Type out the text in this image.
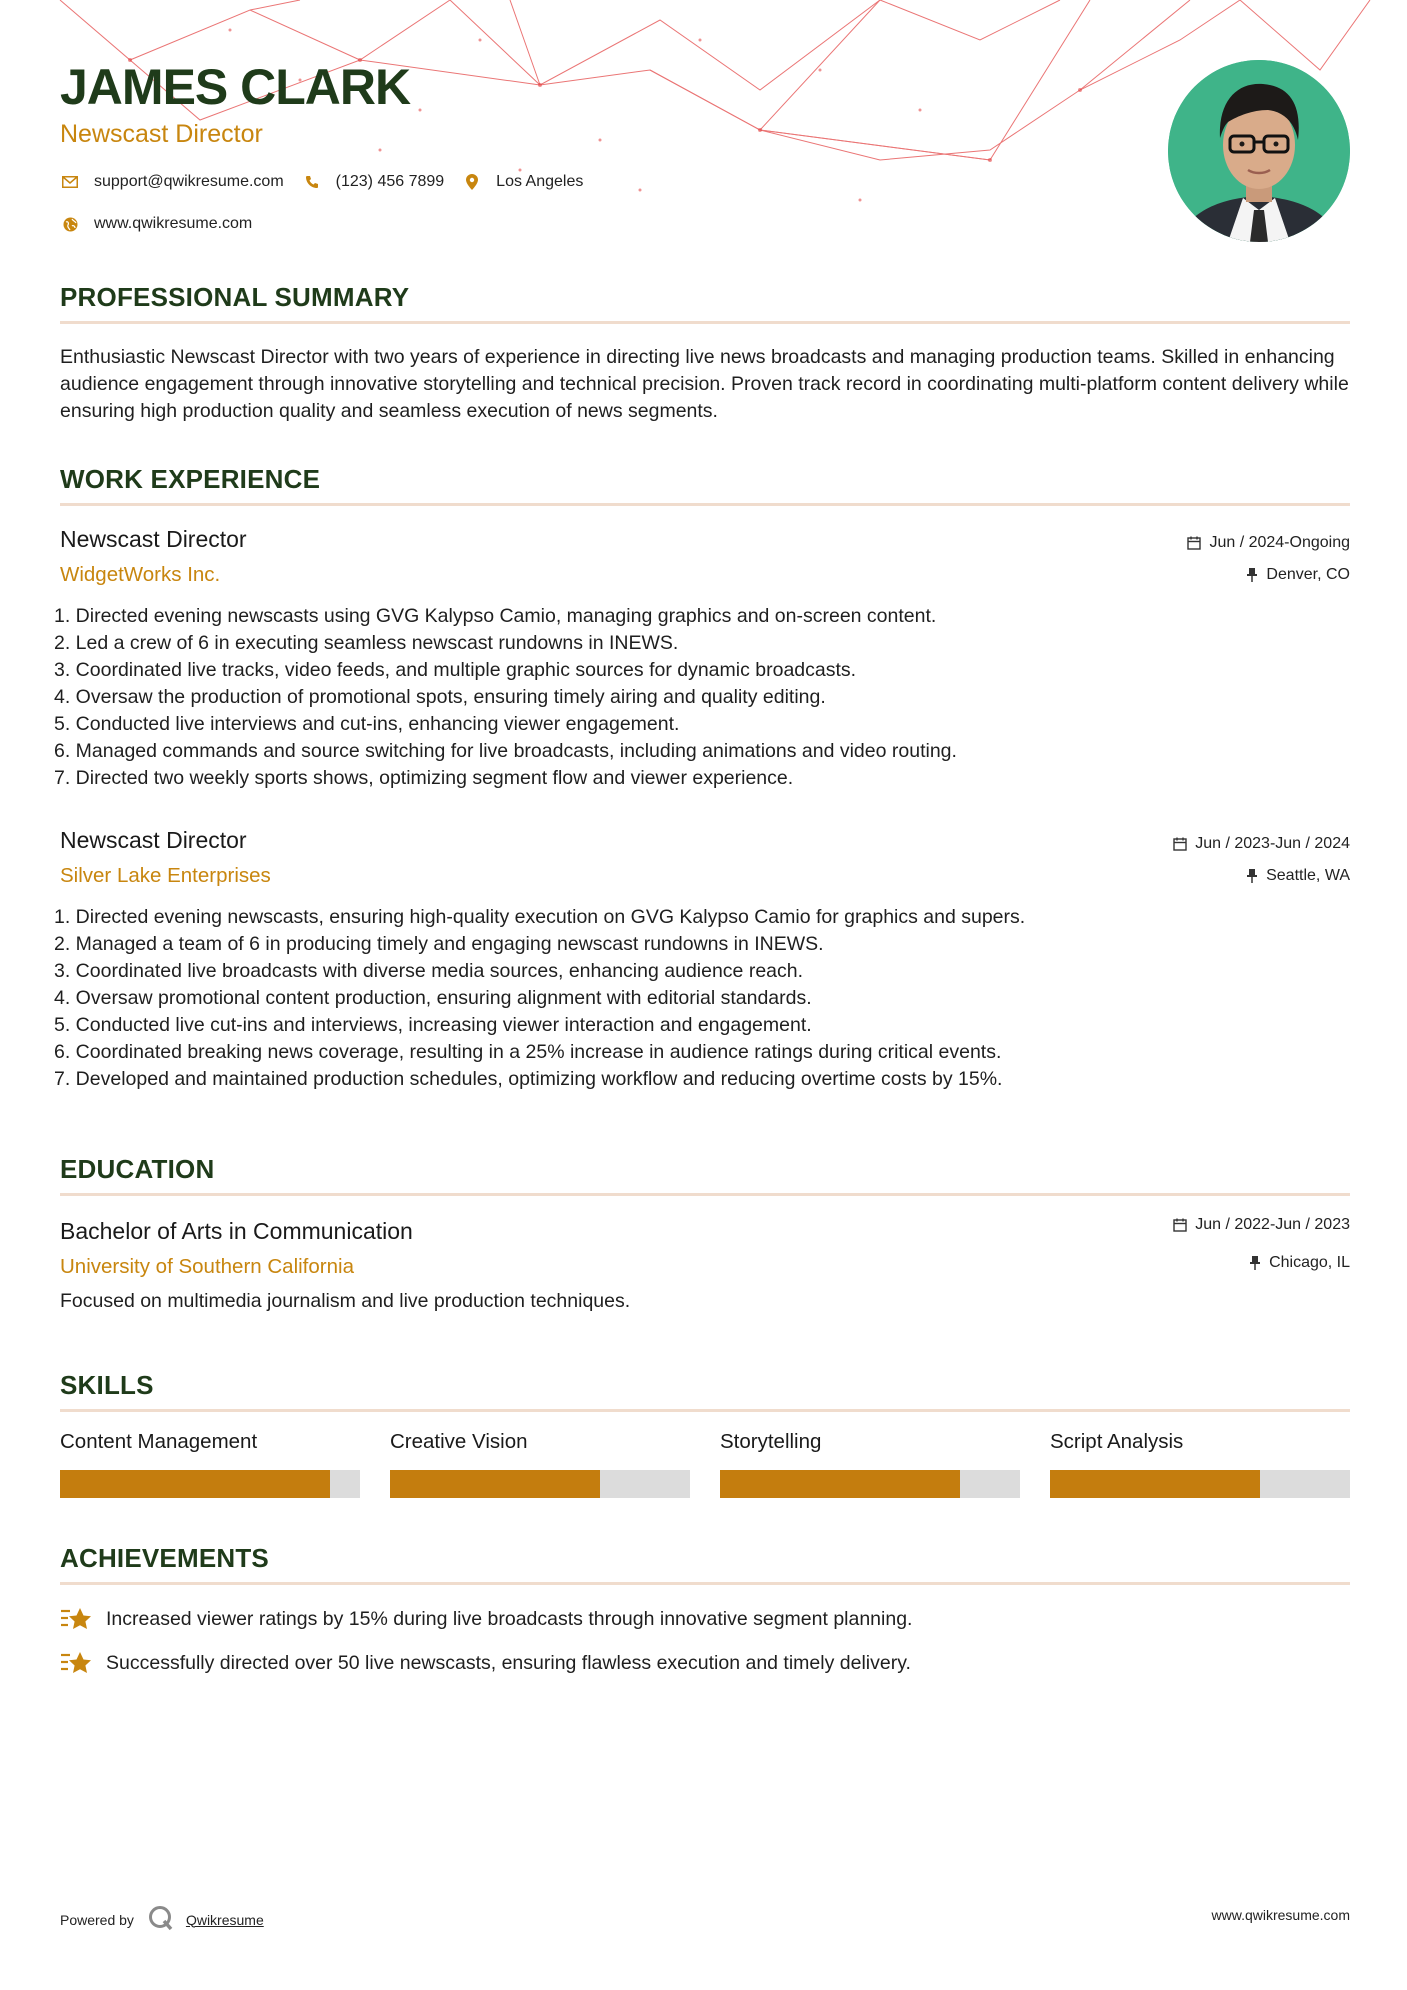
JAMES CLARK
Newscast Director
support@qwikresume.com	(123) 456 7899	Los Angeles
www.qwikresume.com
PROFESSIONAL SUMMARY
Enthusiastic Newscast Director with two years of experience in directing live news broadcasts and managing production teams. Skilled in enhancing audience engagement through innovative storytelling and technical precision. Proven track record in coordinating multi-platform content delivery while ensuring high production quality and seamless execution of news segments.
WORK EXPERIENCE
Newscast Director
WidgetWorks Inc.
Jun / 2024-Ongoing
Denver, CO
1. Directed evening newscasts using GVG Kalypso Camio, managing graphics and on-screen content.
2. Led a crew of 6 in executing seamless newscast rundowns in INEWS.
3. Coordinated live tracks, video feeds, and multiple graphic sources for dynamic broadcasts.
4. Oversaw the production of promotional spots, ensuring timely airing and quality editing.
5. Conducted live interviews and cut-ins, enhancing viewer engagement.
6. Managed commands and source switching for live broadcasts, including animations and video routing.
7. Directed two weekly sports shows, optimizing segment flow and viewer experience.
Newscast Director
Silver Lake Enterprises
Jun / 2023-Jun / 2024
Seattle, WA
1. Directed evening newscasts, ensuring high-quality execution on GVG Kalypso Camio for graphics and supers.
2. Managed a team of 6 in producing timely and engaging newscast rundowns in INEWS.
3. Coordinated live broadcasts with diverse media sources, enhancing audience reach.
4. Oversaw promotional content production, ensuring alignment with editorial standards.
5. Conducted live cut-ins and interviews, increasing viewer interaction and engagement.
6. Coordinated breaking news coverage, resulting in a 25% increase in audience ratings during critical events.
7. Developed and maintained production schedules, optimizing workflow and reducing overtime costs by 15%.
EDUCATION
Bachelor of Arts in Communication
University of Southern California
Jun / 2022-Jun / 2023
Chicago, IL
Focused on multimedia journalism and live production techniques.
SKILLS
Content Management	Creative Vision	Storytelling	Script Analysis
ACHIEVEMENTS
Increased viewer ratings by 15% during live broadcasts through innovative segment planning.
Successfully directed over 50 live newscasts, ensuring flawless execution and timely delivery.
Powered by	Qwikresume	www.qwikresume.com
